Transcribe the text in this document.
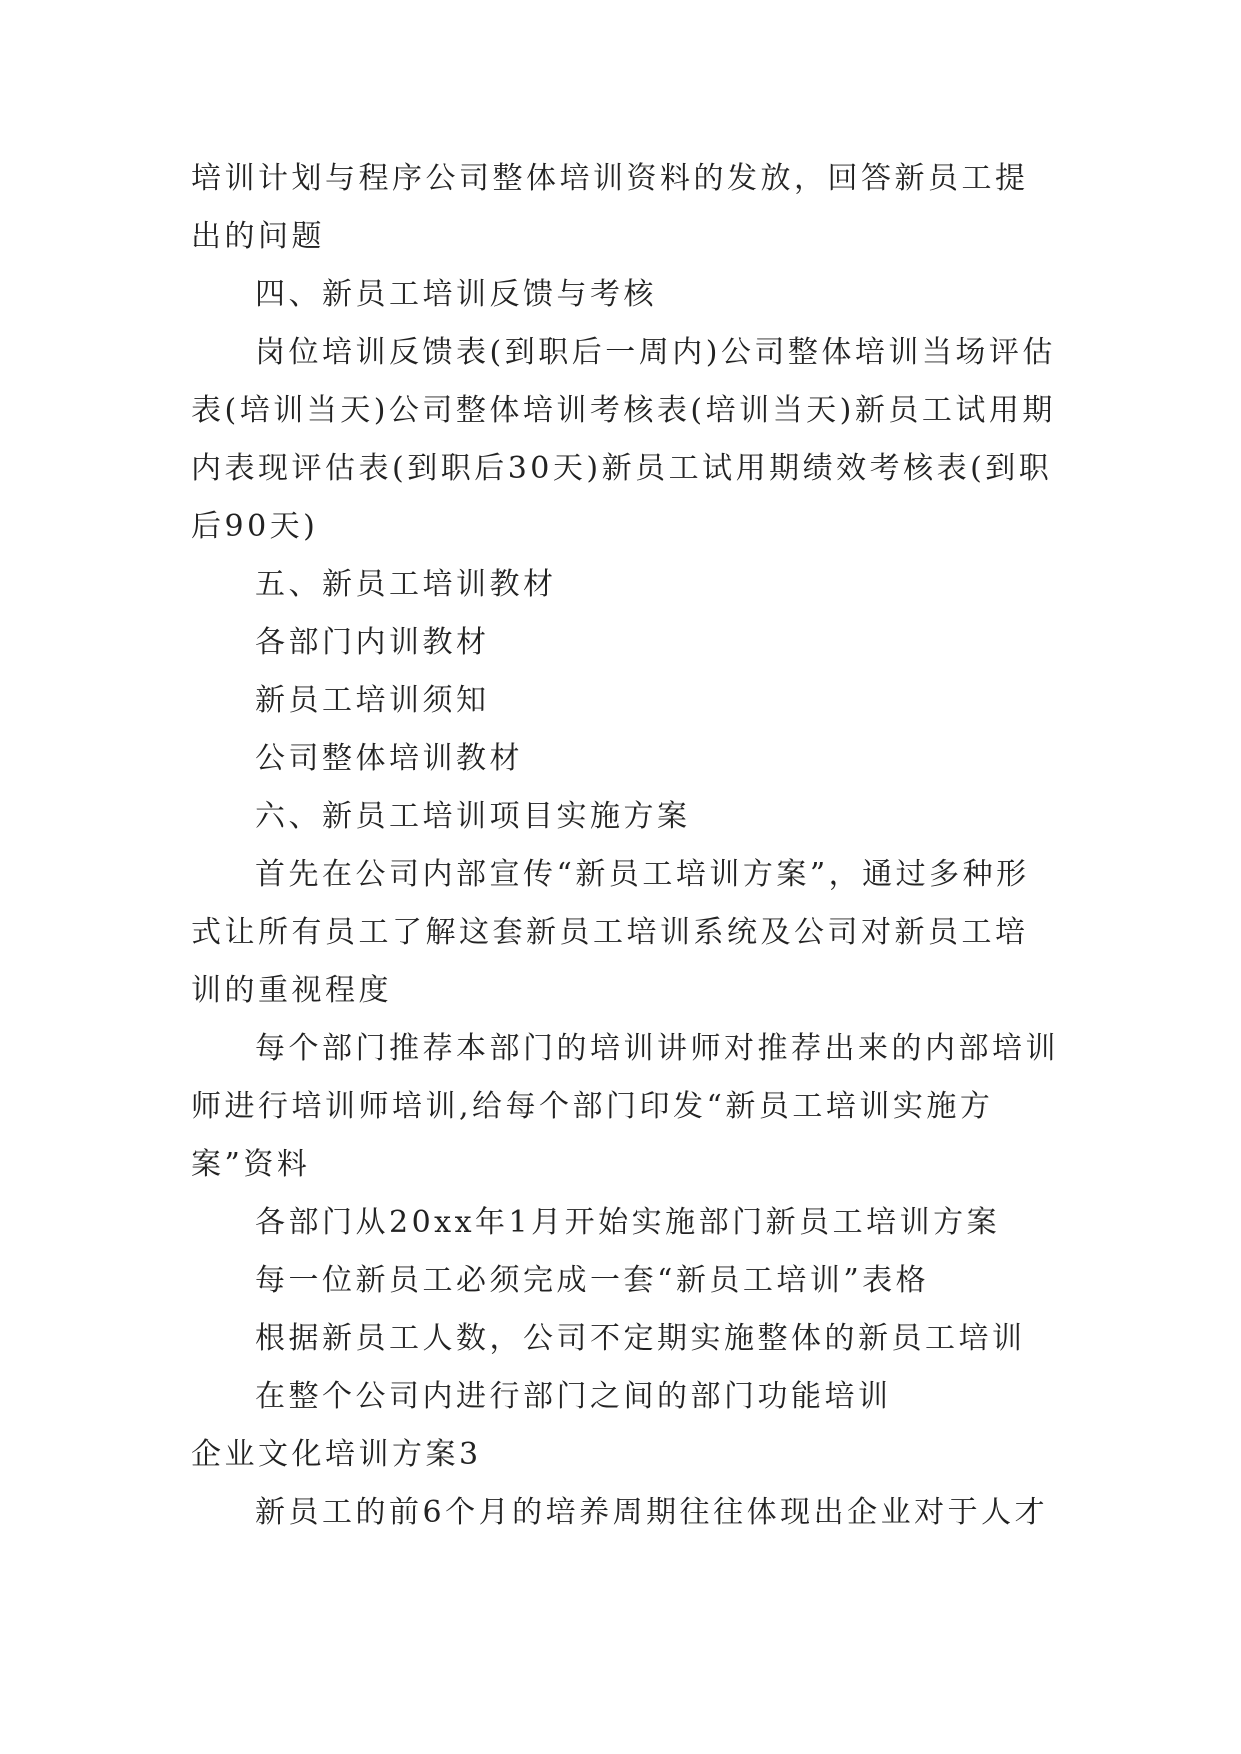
培训计划与程序公司整体培训资料的发放，回答新员工提出的问题

四、新员工培训反馈与考核

岗位培训反馈表(到职后一周内)公司整体培训当场评估表(培训当天)公司整体培训考核表(培训当天)新员工试用期内表现评估表(到职后30天)新员工试用期绩效考核表(到职后90天)

五、新员工培训教材

各部门内训教材

新员工培训须知

公司整体培训教材

六、新员工培训项目实施方案

首先在公司内部宣传“新员工培训方案”，通过多种形式让所有员工了解这套新员工培训系统及公司对新员工培训的重视程度

每个部门推荐本部门的培训讲师对推荐出来的内部培训师进行培训师培训,给每个部门印发“新员工培训实施方案”资料

各部门从20xx年1月开始实施部门新员工培训方案

每一位新员工必须完成一套“新员工培训”表格

根据新员工人数，公司不定期实施整体的新员工培训

在整个公司内进行部门之间的部门功能培训

企业文化培训方案3

新员工的前6个月的培养周期往往体现出企业对于人才
